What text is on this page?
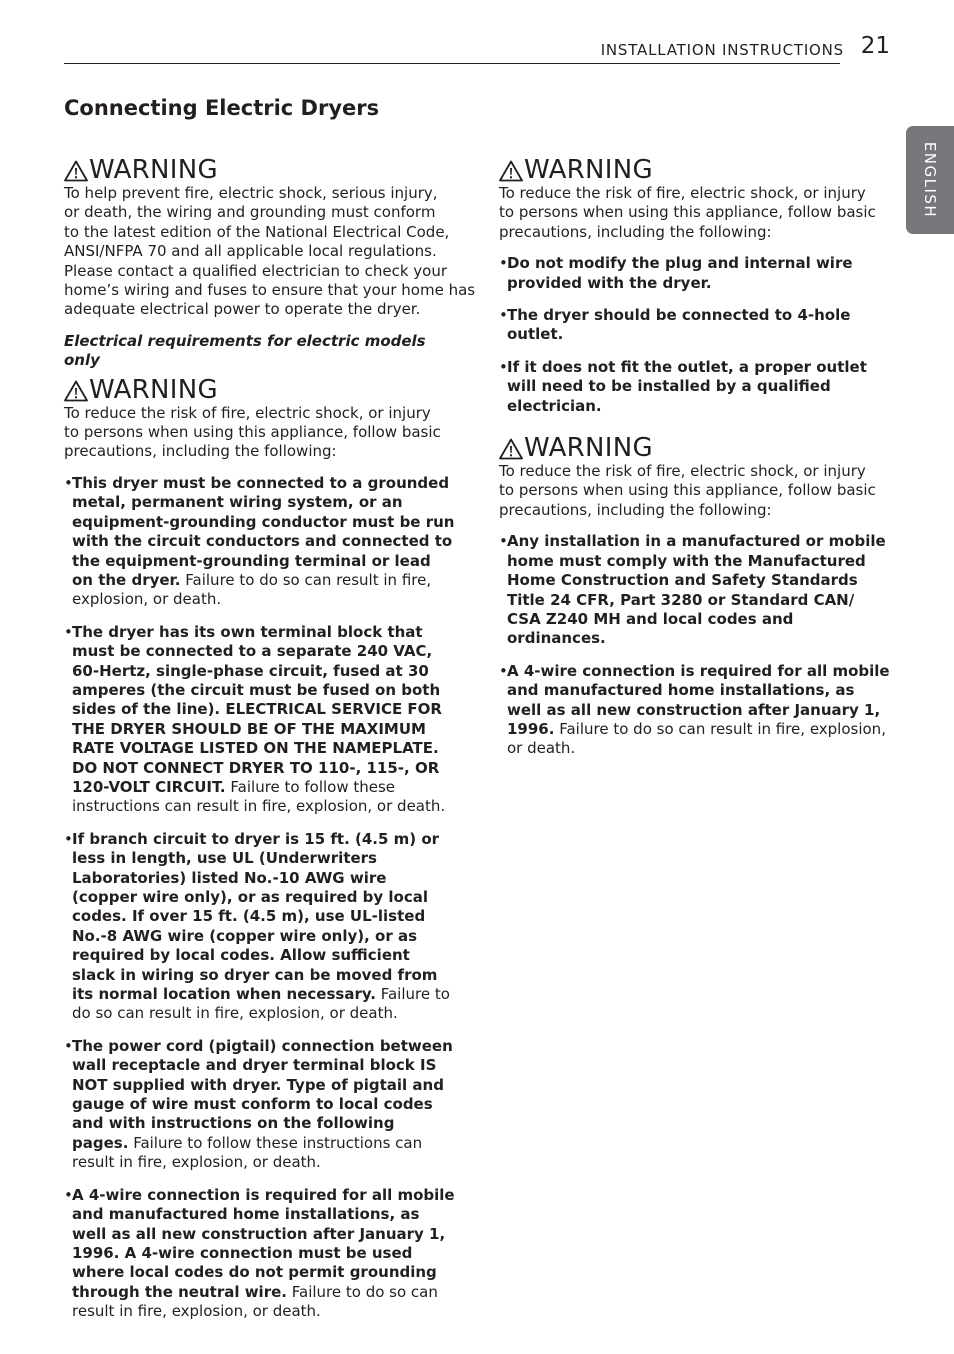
INSTALLATION INSTRUCTIONS 21
ENGLISH
Connecting Electric Dryers
WARNING

To help prevent fire, electric shock, serious injury,
or death, the wiring and grounding must conform
to the latest edition of the National Electrical Code,
ANSI/NFPA 70 and all applicable local regulations.
Please contact a qualified electrician to check your
home’s wiring and fuses to ensure that your home has
adequate electrical power to operate the dryer.

Electrical requirements for electric models only

WARNING

To reduce the risk of fire, electric shock, or injury
to persons when using this appliance, follow basic
precautions, including the following:

• This dryer must be connected to a grounded metal, permanent wiring system, or an equipment-grounding conductor must be run with the circuit conductors and connected to the equipment-grounding terminal or lead on the dryer. Failure to do so can result in fire, explosion, or death.
• The dryer has its own terminal block that must be connected to a separate 240 VAC, 60-Hertz, single-phase circuit, fused at 30 amperes (the circuit must be fused on both sides of the line). ELECTRICAL SERVICE FOR THE DRYER SHOULD BE OF THE MAXIMUM RATE VOLTAGE LISTED ON THE NAMEPLATE. DO NOT CONNECT DRYER TO 110-, 115-, OR 120-VOLT CIRCUIT. Failure to follow these instructions can result in fire, explosion, or death.
• If branch circuit to dryer is 15 ft. (4.5 m) or less in length, use UL (Underwriters Laboratories) listed No.-10 AWG wire (copper wire only), or as required by local codes. If over 15 ft. (4.5 m), use UL-listed No.-8 AWG wire (copper wire only), or as required by local codes. Allow sufficient slack in wiring so dryer can be moved from its normal location when necessary. Failure to do so can result in fire, explosion, or death.
• The power cord (pigtail) connection between wall receptacle and dryer terminal block IS NOT supplied with dryer. Type of pigtail and gauge of wire must conform to local codes and with instructions on the following pages. Failure to follow these instructions can result in fire, explosion, or death.
• A 4-wire connection is required for all mobile and manufactured home installations, as well as all new construction after January 1, 1996. A 4-wire connection must be used where local codes do not permit grounding through the neutral wire. Failure to do so can result in fire, explosion, or death.
WARNING

To reduce the risk of fire, electric shock, or injury
to persons when using this appliance, follow basic
precautions, including the following:

• Do not modify the plug and internal wire provided with the dryer.
• The dryer should be connected to 4-hole outlet.
• If it does not fit the outlet, a proper outlet will need to be installed by a qualified electrician.
WARNING

To reduce the risk of fire, electric shock, or injury
to persons when using this appliance, follow basic
precautions, including the following:

• Any installation in a manufactured or mobile home must comply with the Manufactured Home Construction and Safety Standards Title 24 CFR, Part 3280 or Standard CAN/ CSA Z240 MH and local codes and ordinances.
• A 4-wire connection is required for all mobile and manufactured home installations, as well as all new construction after January 1, 1996. Failure to do so can result in fire, explosion, or death.
